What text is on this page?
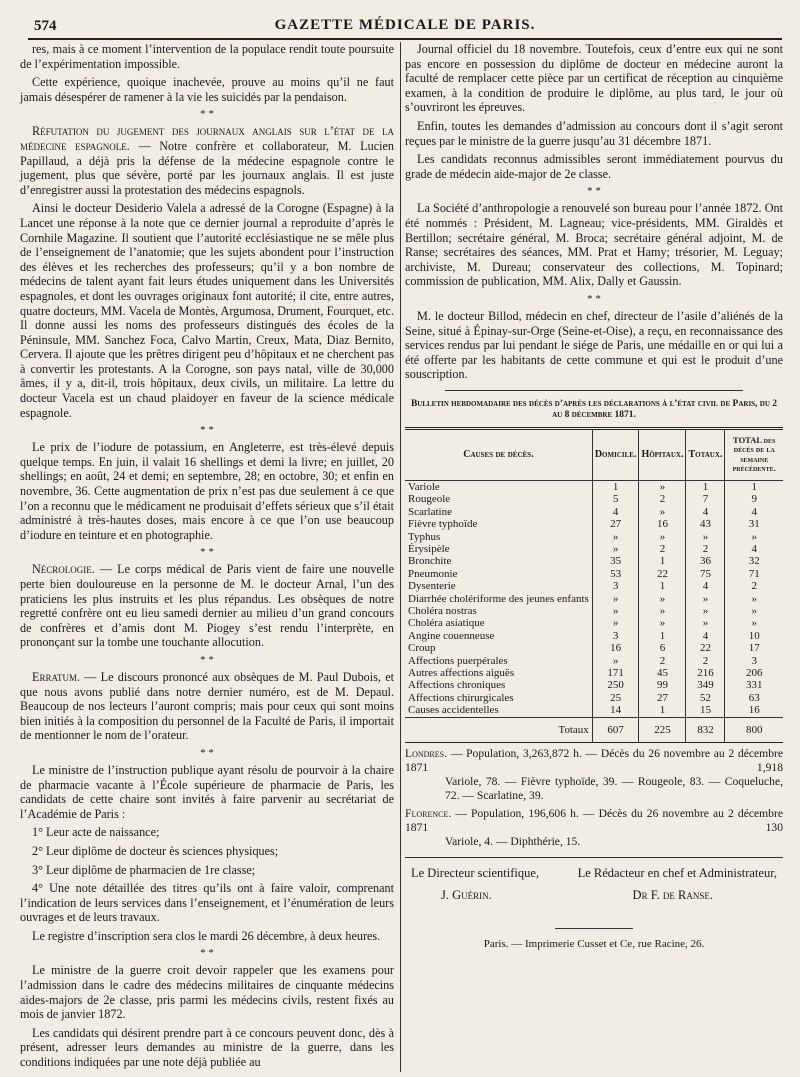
574	GAZETTE MÉDICALE DE PARIS.

res, mais à ce moment l’intervention de la populace rendit toute poursuite de l’expérimentation impossible.

Cette expérience, quoique inachevée, prouve au moins qu’il ne faut jamais désespérer de ramener à la vie les suicidés par la pendaison.

* *

Réfutation du jugement des journaux anglais sur l’état de la médecine espagnole. — Notre confrère et collaborateur, M. Lucien Papillaud, a déjà pris la défense de la médecine espagnole contre le jugement, plus que sévère, porté par les journaux anglais. Il est juste d’enregistrer aussi la protestation des médecins espagnols.

Ainsi le docteur Desiderio Valela a adressé de la Corogne (Espagne) à la Lancet une réponse à la note que ce dernier journal a reproduite d’après le Cornhile Magazine. Il soutient que l’autorité ecclésiastique ne se mêle plus de l’enseignement de l’anatomie; que les sujets abondent pour l’instruction des élèves et les recherches des professeurs; qu’il y a bon nombre de médecins de talent ayant fait leurs études uniquement dans les Universités espagnoles, et dont les ouvrages originaux font autorité; il cite, entre autres, quatre docteurs, MM. Vacela de Montès, Argumosa, Drument, Fourquet, etc. Il donne aussi les noms des professeurs distingués des écoles de la Péninsule, MM. Sanchez Foca, Calvo Martin, Creux, Mata, Diaz Bernito, Cervera. Il ajoute que les prêtres dirigent peu d’hôpitaux et ne cherchent pas à convertir les protestants. A la Corogne, son pays natal, ville de 30,000 âmes, il y a, dit-il, trois hôpitaux, deux civils, un militaire. La lettre du docteur Vacela est un chaud plaidoyer en faveur de la science médicale espagnole.

* *

Le prix de l’iodure de potassium, en Angleterre, est très-élevé depuis quelque temps. En juin, il valait 16 shellings et demi la livre; en juillet, 20 shellings; en août, 24 et demi; en septembre, 28; en octobre, 30; et enfin en novembre, 36. Cette augmentation de prix n’est pas due seulement à ce que l’on a reconnu que le médicament ne produisait d’effets sérieux que s’il était administré à très-hautes doses, mais encore à ce que l’on use beaucoup d’iodure en teinture et en photographie.

* *

Nécrologie. — Le corps médical de Paris vient de faire une nouvelle perte bien douloureuse en la personne de M. le docteur Arnal, l’un des praticiens les plus instruits et les plus répandus. Les obsèques de notre regretté confrère ont eu lieu samedi dernier au milieu d’un grand concours de confrères et d’amis dont M. Piogey s’est rendu l’interprète, en prononçant sur la tombe une touchante allocution.

* *

Erratum. — Le discours prononcé aux obsèques de M. Paul Dubois, et que nous avons publié dans notre dernier numéro, est de M. Depaul. Beaucoup de nos lecteurs l’auront compris; mais pour ceux qui sont moins bien initiés à la composition du personnel de la Faculté de Paris, il importait de mentionner le nom de l’orateur.

* *

Le ministre de l’instruction publique ayant résolu de pourvoir à la chaire de pharmacie vacante à l’École supérieure de pharmacie de Paris, les candidats de cette chaire sont invités à faire parvenir au secrétariat de l’Académie de Paris :

1° Leur acte de naissance;

2° Leur diplôme de docteur ès sciences physiques;

3° Leur diplôme de pharmacien de 1re classe;

4° Une note détaillée des titres qu’ils ont à faire valoir, comprenant l’indication de leurs services dans l’enseignement, et l’énumération de leurs ouvrages et de leurs travaux.

Le registre d’inscription sera clos le mardi 26 décembre, à deux heures.

* *

Le ministre de la guerre croit devoir rappeler que les examens pour l’admission dans le cadre des médecins militaires de cinquante médecins aides-majors de 2e classe, pris parmi les médecins civils, restent fixés au mois de janvier 1872.

Les candidats qui désirent prendre part à ce concours peuvent donc, dès à présent, adresser leurs demandes au ministre de la guerre, dans les conditions indiquées par une note déjà publiée au

Journal officiel du 18 novembre. Toutefois, ceux d’entre eux qui ne sont pas encore en possession du diplôme de docteur en médecine auront la faculté de remplacer cette pièce par un certificat de réception au cinquième examen, à la condition de produire le diplôme, au plus tard, le jour où s’ouvriront les épreuves.

Enfin, toutes les demandes d’admission au concours dont il s’agit seront reçues par le ministre de la guerre jusqu’au 31 décembre 1871.

Les candidats reconnus admissibles seront immédiatement pourvus du grade de médecin aide-major de 2e classe.

* *

La Société d’anthropologie a renouvelé son bureau pour l’année 1872. Ont été nommés : Président, M. Lagneau; vice-présidents, MM. Giraldès et Bertillon; secrétaire général, M. Broca; secrétaire général adjoint, M. de Ranse; secrétaires des séances, MM. Prat et Hamy; trésorier, M. Leguay; archiviste, M. Dureau; conservateur des collections, M. Topinard; commission de publication, MM. Alix, Dally et Gaussin.

* *

M. le docteur Billod, médecin en chef, directeur de l’asile d’aliénés de la Seine, situé à Épinay-sur-Orge (Seine-et-Oise), a reçu, en reconnaissance des services rendus par lui pendant le siége de Paris, une médaille en or qui lui a été offerte par les habitants de cette commune et qui est le produit d’une souscription.

Bulletin hebdomadaire des décès d’après les déclarations à l’état civil de Paris, du 2 au 8 décembre 1871.
Causes de décès.	Domicile.	Hôpitaux.	Totaux.	TOTAL des décès de la semaine précédente.
Variole	1	»	1	1
Rougeole	5	2	7	9
Scarlatine	4	»	4	4
Fièvre typhoïde	27	16	43	31
Typhus	»	»	»	»
Érysipèle	»	2	2	4
Bronchite	35	1	36	32
Pneumonie	53	22	75	71
Dysenterie	3	1	4	2
Diarrhée cholériforme des jeunes enfants	»	»	»	»
Choléra nostras	»	»	»	»
Choléra asiatique	»	»	»	»
Angine couenneuse	3	1	4	10
Croup	16	6	22	17
Affections puerpérales	»	2	2	3
Autres affections aiguës	171	45	216	206
Affections chroniques	250	99	349	331
Affections chirurgicales	25	27	52	63
Causes accidentelles	14	1	15	16
Totaux	607	225	832	800
Londres. — Population, 3,263,872 h. — Décès du 26 novembre au 2 décembre 1871	1,918
Variole, 78. — Fièvre typhoïde, 39. — Rougeole, 83. — Coqueluche, 72. — Scarlatine, 39.
Florence. — Population, 196,606 h. — Décès du 26 novembre au 2 décembre 1871	130
Variole, 4. — Diphthérie, 15.
Le Directeur scientifique,
J. Guérin.
Le Rédacteur en chef et Administrateur,
Dr F. de Ranse.
Paris. — Imprimerie Cusset et Ce, rue Racine, 26.
